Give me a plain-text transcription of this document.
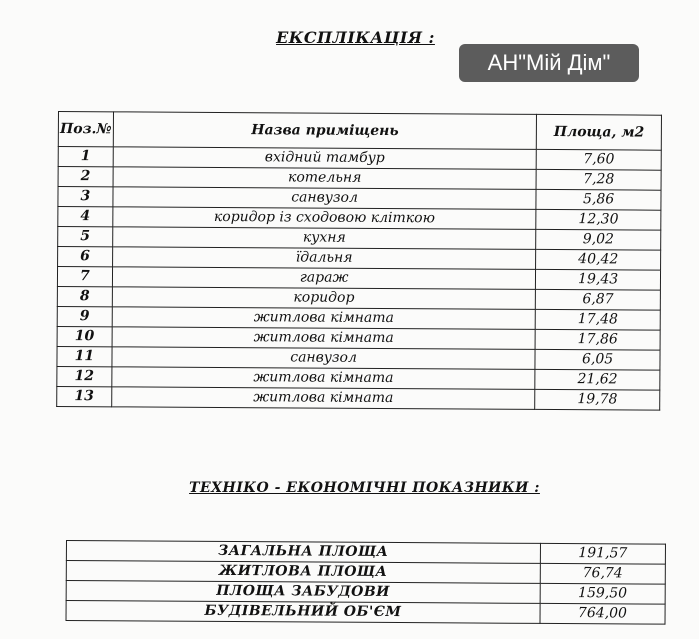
ЕКСПЛІКАЦІЯ :
АН"Мій Дім"
Поз.№	Назва приміщень	Площа, м2
1	вхідний тамбур	7,60
2	котельня	7,28
3	санвузол	5,86
4	коридор із сходовою кліткою	12,30
5	кухня	9,02
6	їдальня	40,42
7	гараж	19,43
8	коридор	6,87
9	житлова кімната	17,48
10	житлова кімната	17,86
11	санвузол	6,05
12	житлова кімната	21,62
13	житлова кімната	19,78
ТЕХНІКО - ЕКОНОМІЧНІ ПОКАЗНИКИ :
ЗАГАЛЬНА ПЛОЩА	191,57
ЖИТЛОВА ПЛОЩА	76,74
ПЛОЩА ЗАБУДОВИ	159,50
БУДІВЕЛЬНИЙ ОБ'ЄМ	764,00
